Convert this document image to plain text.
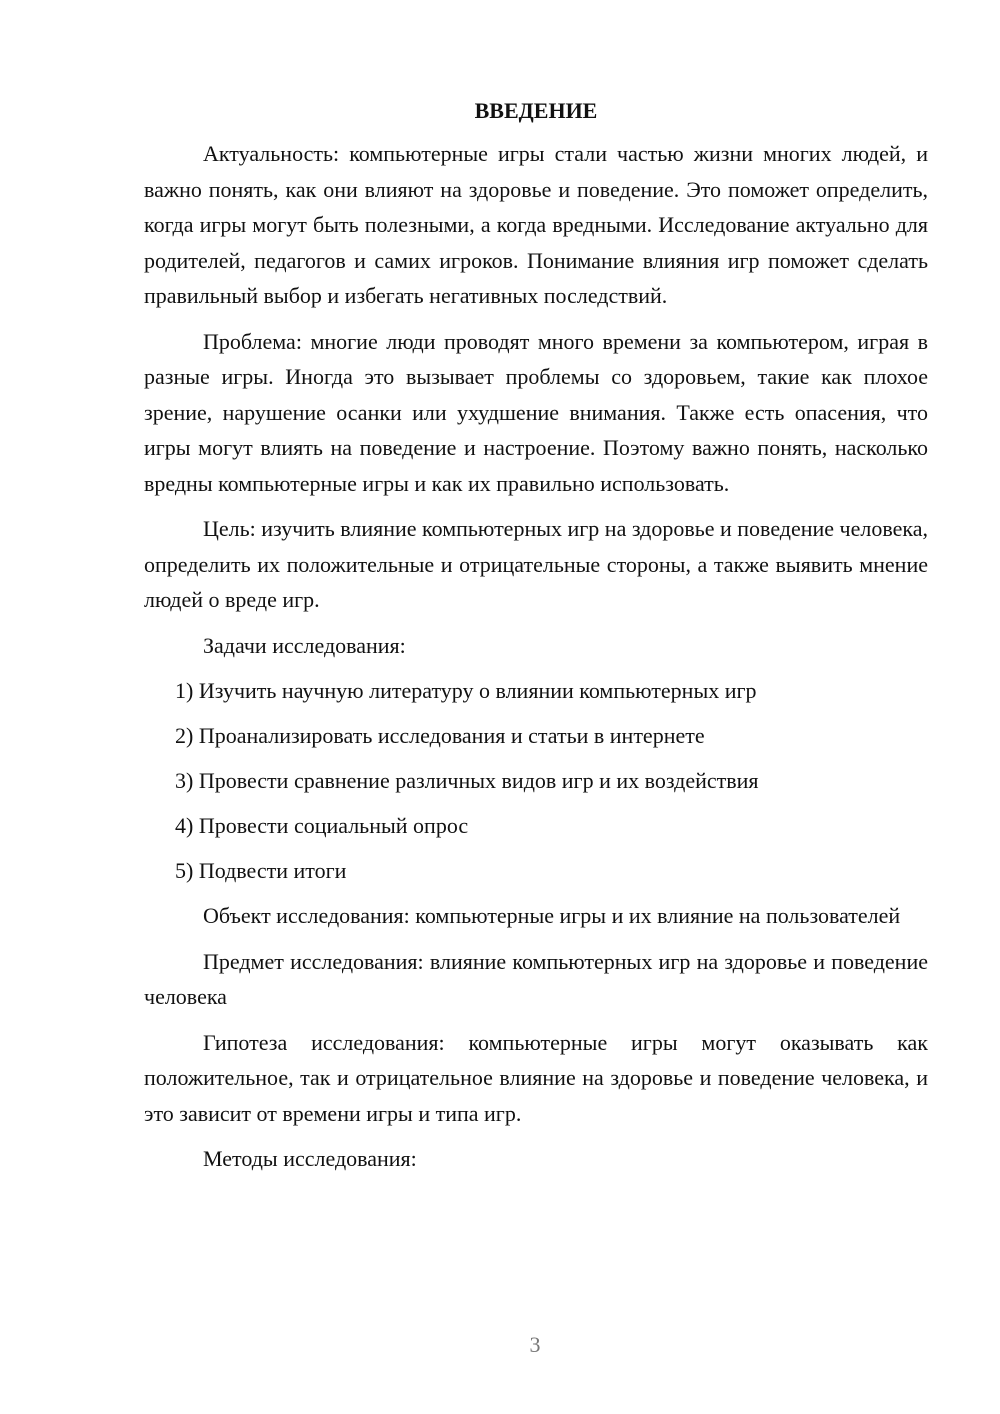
ВВЕДЕНИЕ

Актуальность: компьютерные игры стали частью жизни многих людей, и важно понять, как они влияют на здоровье и поведение. Это поможет определить, когда игры могут быть полезными, а когда вредными. Исследование актуально для родителей, педагогов и самих игроков. Понимание влияния игр поможет сделать правильный выбор и избегать негативных последствий.

Проблема: многие люди проводят много времени за компьютером, играя в разные игры. Иногда это вызывает проблемы со здоровьем, такие как плохое зрение, нарушение осанки или ухудшение внимания. Также есть опасения, что игры могут влиять на поведение и настроение. Поэтому важно понять, насколько вредны компьютерные игры и как их правильно использовать.

Цель: изучить влияние компьютерных игр на здоровье и поведение человека, определить их положительные и отрицательные стороны, а также выявить мнение людей о вреде игр.

Задачи исследования:

1) Изучить научную литературу о влиянии компьютерных игр
2) Проанализировать исследования и статьи в интернете
3) Провести сравнение различных видов игр и их воздействия
4) Провести социальный опрос
5) Подвести итоги

Объект исследования: компьютерные игры и их влияние на пользователей

Предмет исследования: влияние компьютерных игр на здоровье и поведение человека

Гипотеза исследования: компьютерные игры могут оказывать как положительное, так и отрицательное влияние на здоровье и поведение человека, и это зависит от времени игры и типа игр.

Методы исследования:

3
